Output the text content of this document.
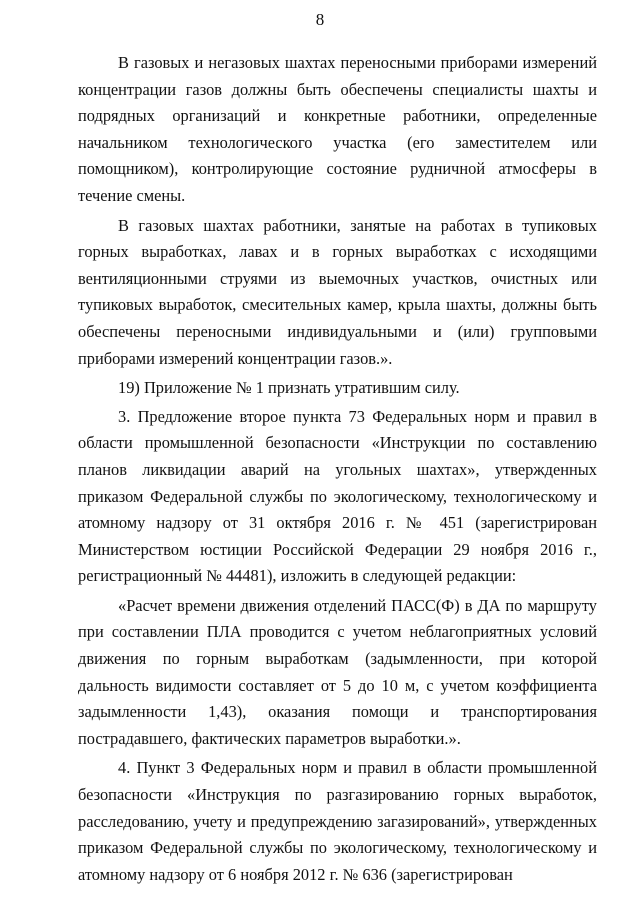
8

В газовых и негазовых шахтах переносными приборами измерений концентрации газов должны быть обеспечены специалисты шахты и подрядных организаций и конкретные работники, определенные начальником технологического участка (его заместителем или помощником), контролирующие состояние рудничной атмосферы в течение смены.

В газовых шахтах работники, занятые на работах в тупиковых горных выработках, лавах и в горных выработках с исходящими вентиляционными струями из выемочных участков, очистных или тупиковых выработок, смесительных камер, крыла шахты, должны быть обеспечены переносными индивидуальными и (или) групповыми приборами измерений концентрации газов.».

19) Приложение № 1 признать утратившим силу.

3. Предложение второе пункта 73 Федеральных норм и правил в области промышленной безопасности «Инструкции по составлению планов ликвидации аварий на угольных шахтах», утвержденных приказом Федеральной службы по экологическому, технологическому и атомному надзору от 31 октября 2016 г. № 451 (зарегистрирован Министерством юстиции Российской Федерации 29 ноября 2016 г., регистрационный № 44481), изложить в следующей редакции:

«Расчет времени движения отделений ПАСС(Ф) в ДА по маршруту при составлении ПЛА проводится с учетом неблагоприятных условий движения по горным выработкам (задымленности, при которой дальность видимости составляет от 5 до 10 м, с учетом коэффициента задымленности 1,43), оказания помощи и транспортирования пострадавшего, фактических параметров выработки.».

4. Пункт 3 Федеральных норм и правил в области промышленной безопасности «Инструкция по разгазированию горных выработок, расследованию, учету и предупреждению загазирований», утвержденных приказом Федеральной службы по экологическому, технологическому и атомному надзору от 6 ноября 2012 г. № 636 (зарегистрирован
